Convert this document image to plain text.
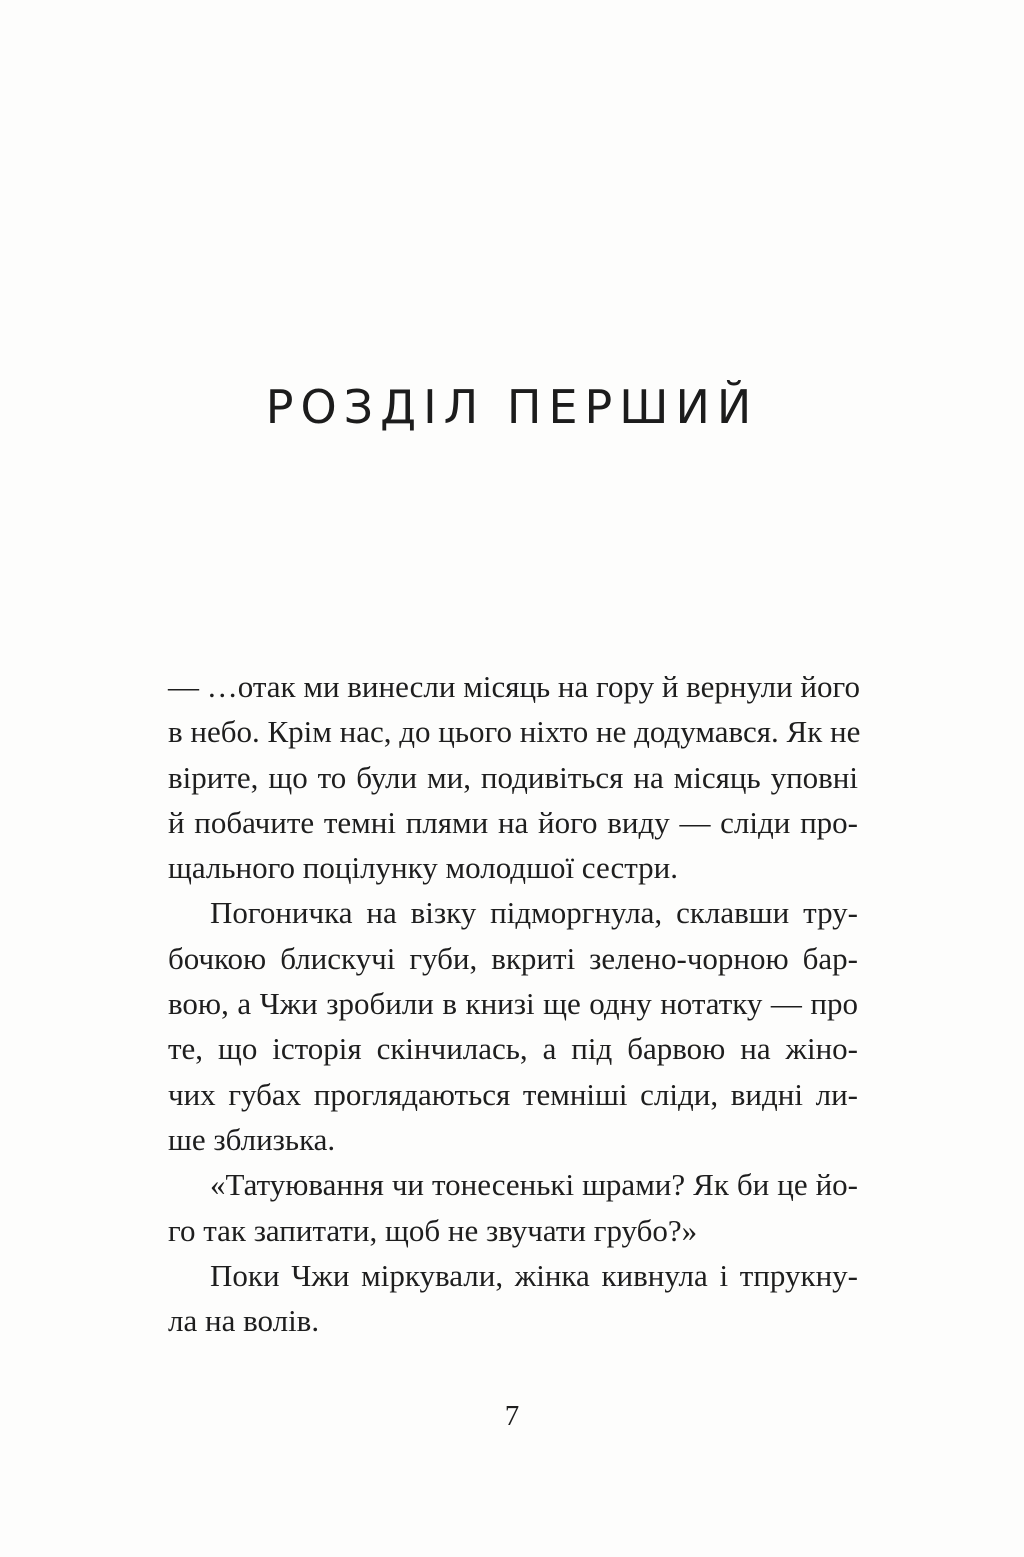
РОЗДІЛ ПЕРШИЙ
— …отак ми винесли місяць на гору й вернули його
в небо. Крім нас, до цього ніхто не додумався. Як не
вірите, що то були ми, подивіться на місяць уповні
й побачите темні плями на його виду — сліди про-
щального поцілунку молодшої сестри.
Погоничка на візку підморгнула, склавши тру-
бочкою блискучі губи, вкриті зелено-чорною бар-
вою, а Чжи зробили в книзі ще одну нотатку — про
те, що історія скінчилась, а під барвою на жіно-
чих губах проглядаються темніші сліди, видні ли-
ше зблизька.
«Татуювання чи тонесенькі шрами? Як би це йо-
го так запитати, щоб не звучати грубо?»
Поки Чжи міркували, жінка кивнула і тпрукну-
ла на волів.
7
